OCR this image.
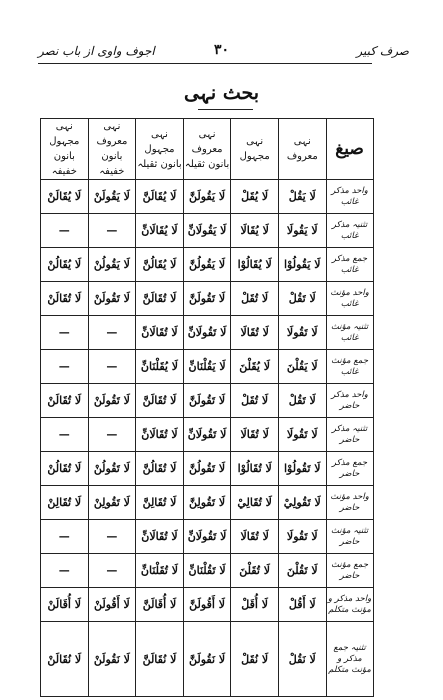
اجوف واوی از باب نصر	۳۰	صرف کبیر
بحث نہی
صیغ	نہی معروف	نہی مجہول	نہی معروف بانون ثقیلہ	نہی مجہول بانون ثقیلہ	نہی معروف بانون خفیفہ	نہی مجہول بانون خفیفہ
واحد مذکر غائب	لَا يَقُلْ	لَا يُقَلْ	لَا يَقُولَنَّ	لَا يُقَالَنَّ	لَا يَقُولَنْ	لَا يُقَالَنْ
تثنیہ مذکر غائب	لَا يَقُولَا	لَا يُقَالَا	لَا يَقُولَانِّ	لَا يُقَالَانِّ	—	—
جمع مذکر غائب	لَا يَقُولُوْا	لَا يُقَالُوْا	لَا يَقُولُنَّ	لَا يُقَالُنَّ	لَا يَقُولُنْ	لَا يُقَالُنْ
واحد مؤنث غائب	لَا تَقُلْ	لَا تُقَلْ	لَا تَقُولَنَّ	لَا تُقَالَنَّ	لَا تَقُولَنْ	لَا تُقَالَنْ
تثنیہ مؤنث غائب	لَا تَقُولَا	لَا تُقَالَا	لَا تَقُولَانِّ	لَا تُقَالَانِّ	—	—
جمع مؤنث غائب	لَا يَقُلْنَ	لَا يُقَلْنَ	لَا يَقُلْنَانِّ	لَا يُقَلْنَانِّ	—	—
واحد مذکر حاضر	لَا تَقُلْ	لَا تُقَلْ	لَا تَقُولَنَّ	لَا تُقَالَنَّ	لَا تَقُولَنْ	لَا تُقَالَنْ
تثنیہ مذکر حاضر	لَا تَقُولَا	لَا تُقَالَا	لَا تَقُولَانِّ	لَا تُقَالَانِّ	—	—
جمع مذکر حاضر	لَا تَقُولُوْا	لَا تُقَالُوْا	لَا تَقُولُنَّ	لَا تُقَالُنَّ	لَا تَقُولُنْ	لَا تُقَالُنْ
واحد مؤنث حاضر	لَا تَقُولِيْ	لَا تُقَالِيْ	لَا تَقُولِنَّ	لَا تُقَالِنَّ	لَا تَقُولِنْ	لَا تُقَالِنْ
تثنیہ مؤنث حاضر	لَا تَقُولَا	لَا تُقَالَا	لَا تَقُولَانِّ	لَا تُقَالَانِّ	—	—
جمع مؤنث حاضر	لَا تَقُلْنَ	لَا تُقَلْنَ	لَا تَقُلْنَانِّ	لَا تُقَلْنَانِّ	—	—
واحد مذکر و مؤنث متکلم	لَا أَقُلْ	لَا أُقَلْ	لَا أَقُولَنَّ	لَا أُقَالَنَّ	لَا أَقُولَنْ	لَا أُقَالَنْ
تثنیہ جمع مذکر و مؤنث متکلم	لَا نَقُلْ	لَا نُقَلْ	لَا نَقُولَنَّ	لَا نُقَالَنَّ	لَا نَقُولَنْ	لَا نُقَالَنْ
